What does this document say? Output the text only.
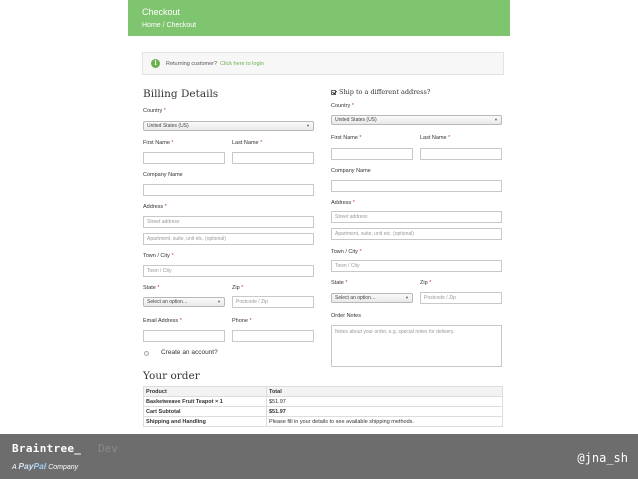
Checkout
Home / Checkout
i	Returning customer? Click here to login
Billing Details
Country *
United States (US)	▼
First Name *	Last Name *
Company Name
Address *
Street address
Apartment, suite, unit etc. (optional)
Town / City *
Town / City
State *
Select an option…	▼
Zip *
Postcode / Zip
Email Address *	Phone *
Create an account?
Ship to a different address?
Country *
United States (US)	▼
First Name *	Last Name *
Company Name
Address *
Street address
Apartment, suite, unit etc. (optional)
Town / City *
Town / City
State *
Select an option…	▼
Zip *
Postcode / Zip
Order Notes
Notes about your order, e.g. special notes for delivery.
Your order
Product	Total
Basketweave Fruit Teapot × 1	$51.97
Cart Subtotal	$51.97
Shipping and Handling	Please fill in your details to see available shipping methods.
Braintree_ Dev
A PayPal Company
@jna_sh
